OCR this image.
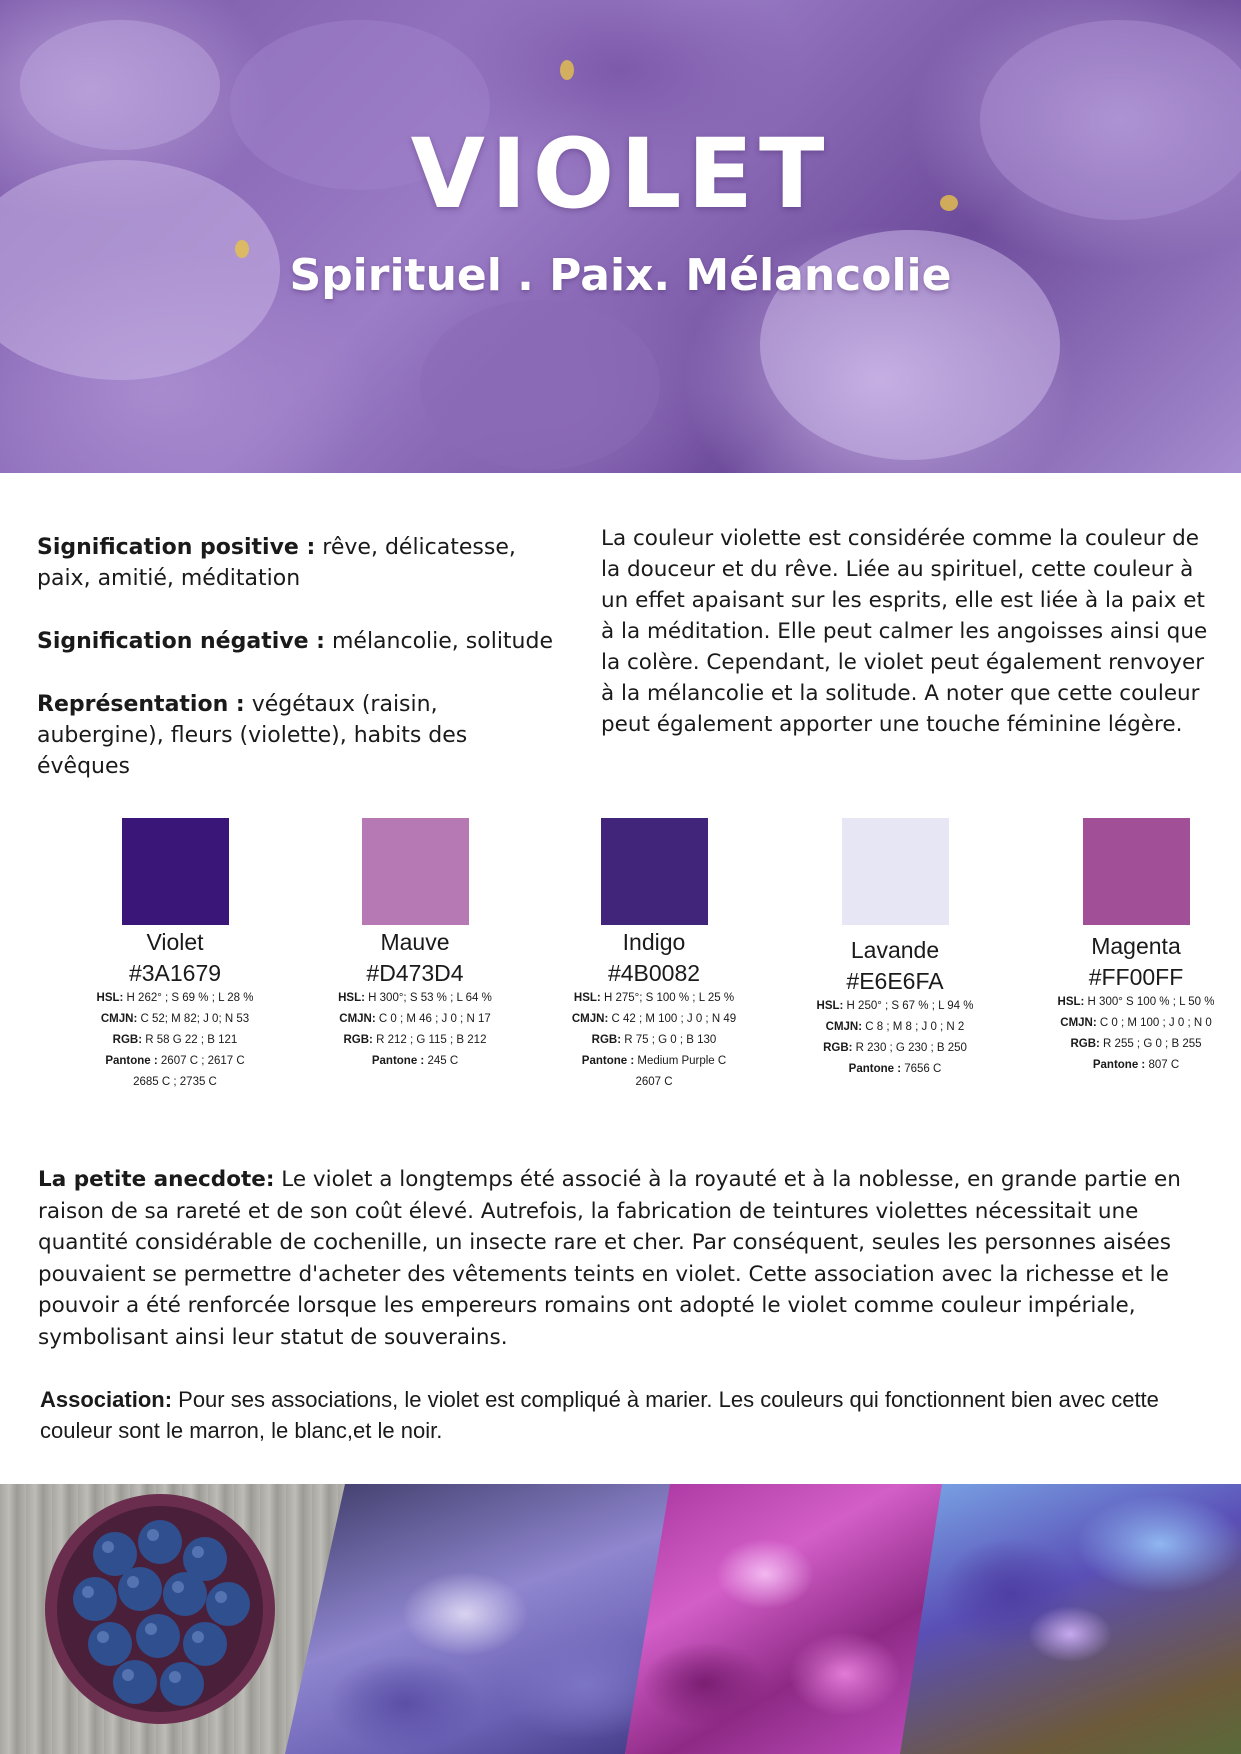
VIOLET
Spirituel . Paix. Mélancolie

Signification positive : rêve, délicatesse, paix, amitié, méditation

Signification négative : mélancolie, solitude

Représentation : végétaux (raisin, aubergine), fleurs (violette), habits des évêques

La couleur violette est considérée comme la couleur de la douceur et du rêve. Liée au spirituel, cette couleur à un effet apaisant sur les esprits, elle est liée à la paix et à la méditation. Elle peut calmer les angoisses ainsi que la colère. Cependant, le violet peut également renvoyer à la mélancolie et la solitude. A noter que cette couleur peut également apporter une touche féminine légère.
Violet
#3A1679
HSL: H 262° ; S 69 % ; L 28 %
CMJN: C 52; M 82; J 0; N 53
RGB: R 58 G 22 ; B 121
Pantone : 2607 C ; 2617 C
2685 C ; 2735 C
Mauve
#D473D4
HSL: H 300°; S 53 % ; L 64 %
CMJN: C 0 ; M 46 ; J 0 ; N 17
RGB: R 212 ; G 115 ; B 212
Pantone : 245 C
Indigo
#4B0082
HSL: H 275°; S 100 % ; L 25 %
CMJN: C 42 ; M 100 ; J 0 ; N 49
RGB: R 75 ; G 0 ; B 130
Pantone : Medium Purple C
2607 C
Lavande
#E6E6FA
HSL: H 250° ; S 67 % ; L 94 %
CMJN: C 8 ; M 8 ; J 0 ; N 2
RGB: R 230 ; G 230 ; B 250
Pantone : 7656 C
Magenta
#FF00FF
HSL: H 300° S 100 % ; L 50 %
CMJN: C 0 ; M 100 ; J 0 ; N 0
RGB: R 255 ; G 0 ; B 255
Pantone : 807 C
La petite anecdote: Le violet a longtemps été associé à la royauté et à la noblesse, en grande partie en raison de sa rareté et de son coût élevé. Autrefois, la fabrication de teintures violettes nécessitait une quantité considérable de cochenille, un insecte rare et cher. Par conséquent, seules les personnes aisées pouvaient se permettre d'acheter des vêtements teints en violet. Cette association avec la richesse et le pouvoir a été renforcée lorsque les empereurs romains ont adopté le violet comme couleur impériale, symbolisant ainsi leur statut de souverains.
Association: Pour ses associations, le violet est compliqué à marier. Les couleurs qui fonctionnent bien avec cette couleur sont le marron, le blanc,et le noir.
